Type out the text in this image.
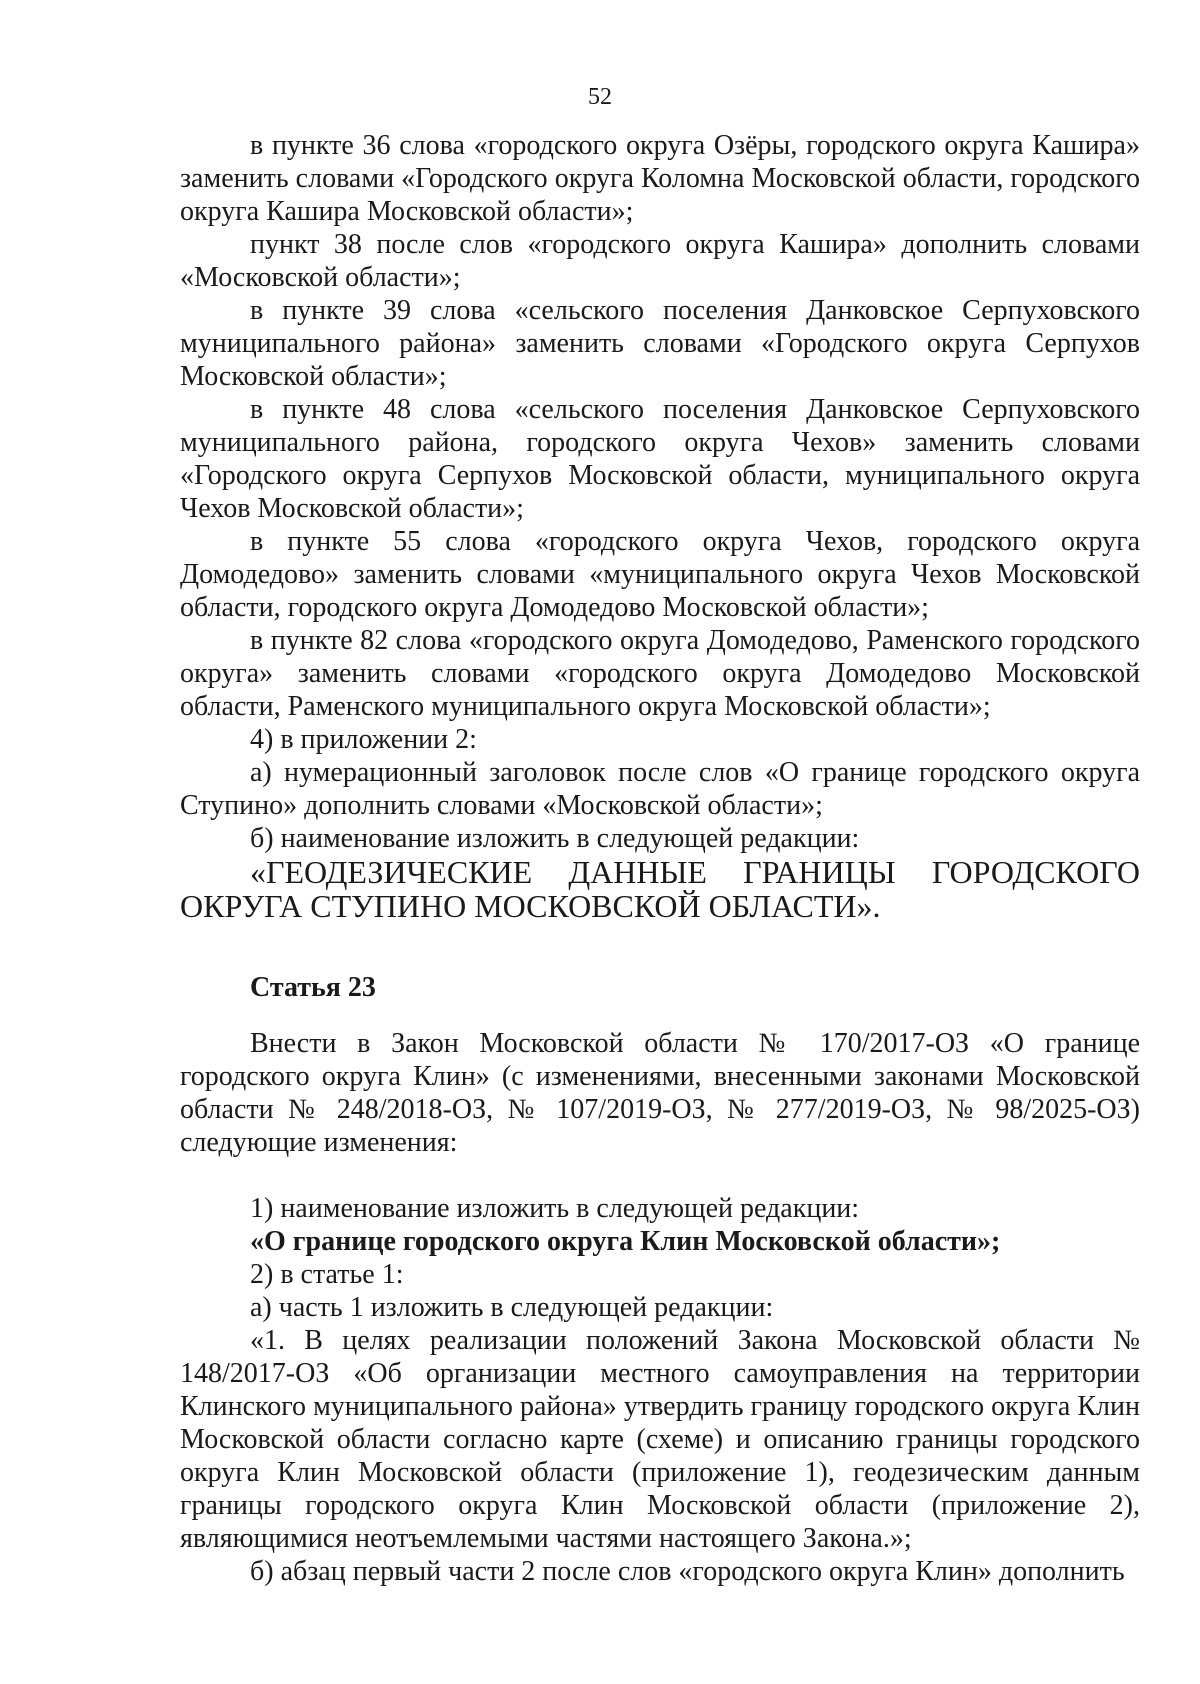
52

в пункте 36 слова «городского округа Озёры, городского округа Кашира» заменить словами «Городского округа Коломна Московской области, городского округа Кашира Московской области»;

пункт 38 после слов «городского округа Кашира» дополнить словами «Московской области»;

в пункте 39 слова «сельского поселения Данковское Серпуховского муниципального района» заменить словами «Городского округа Серпухов Московской области»;

в пункте 48 слова «сельского поселения Данковское Серпуховского муниципального района, городского округа Чехов» заменить словами «Городского округа Серпухов Московской области, муниципального округа Чехов Московской области»;

в пункте 55 слова «городского округа Чехов, городского округа Домодедово» заменить словами «муниципального округа Чехов Московской области, городского округа Домодедово Московской области»;

в пункте 82 слова «городского округа Домодедово, Раменского городского округа» заменить словами «городского округа Домодедово Московской области, Раменского муниципального округа Московской области»;

4) в приложении 2:

а) нумерационный заголовок после слов «О границе городского округа Ступино» дополнить словами «Московской области»;

б) наименование изложить в следующей редакции:

«ГЕОДЕЗИЧЕСКИЕ ДАННЫЕ ГРАНИЦЫ ГОРОДСКОГО ОКРУГА СТУПИНО МОСКОВСКОЙ ОБЛАСТИ».

Статья 23

Внести в Закон Московской области № 170/2017-ОЗ «О границе городского округа Клин» (с изменениями, внесенными законами Московской области № 248/2018-ОЗ, № 107/2019-ОЗ, № 277/2019-ОЗ, № 98/2025-ОЗ) следующие изменения:

1) наименование изложить в следующей редакции:

«О границе городского округа Клин Московской области»;

2) в статье 1:

а) часть 1 изложить в следующей редакции:

«1. В целях реализации положений Закона Московской области № 148/2017-ОЗ «Об организации местного самоуправления на территории Клинского муниципального района» утвердить границу городского округа Клин Московской области согласно карте (схеме) и описанию границы городского округа Клин Московской области (приложение 1), геодезическим данным границы городского округа Клин Московской области (приложение 2), являющимися неотъемлемыми частями настоящего Закона.»;

б) абзац первый части 2 после слов «городского округа Клин» дополнить
